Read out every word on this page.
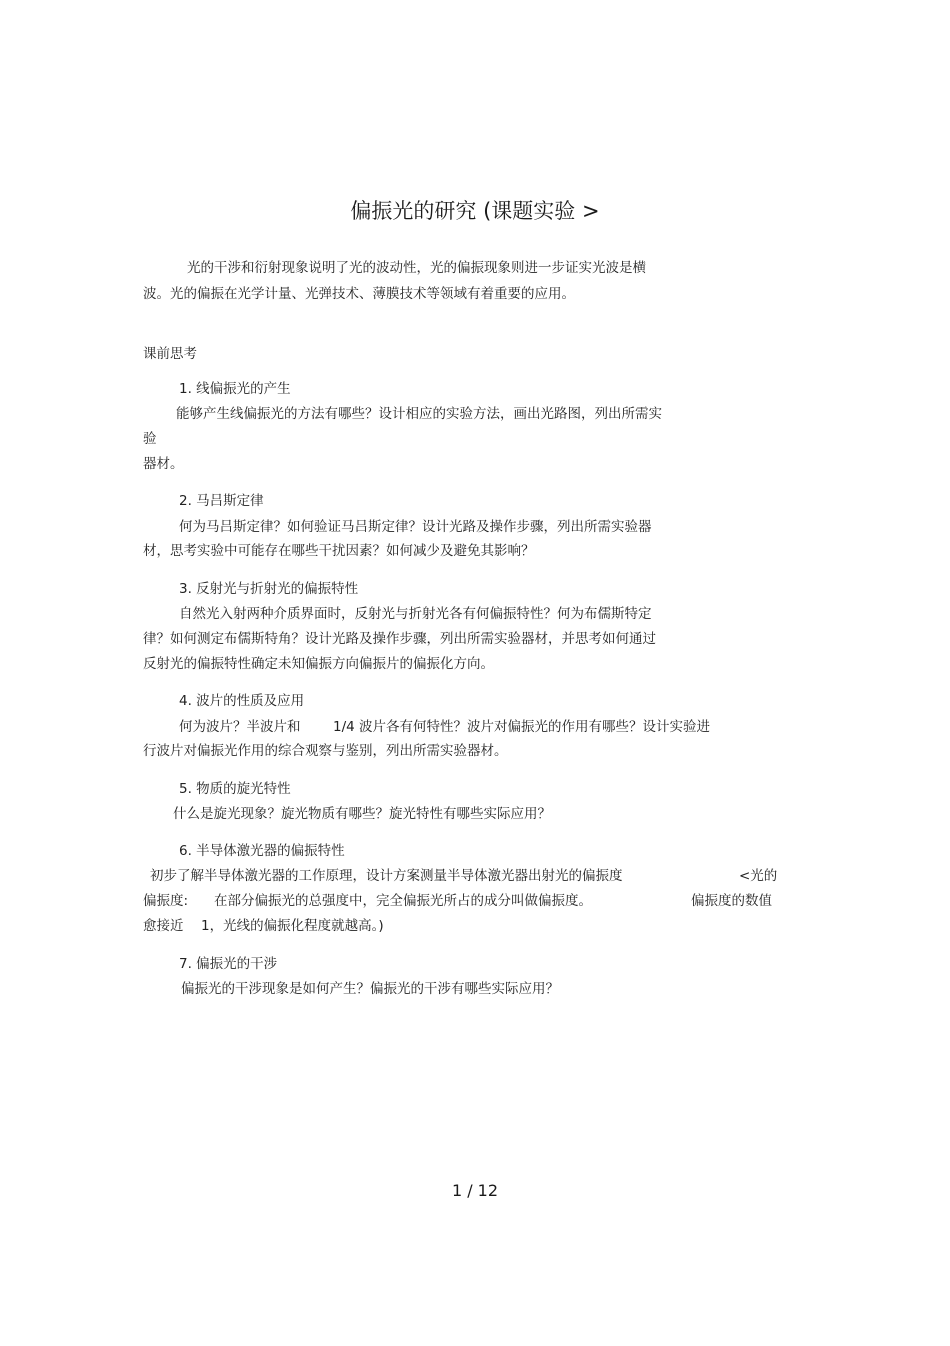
偏振光的研究 (课题实验 >
光的干涉和衍射现象说明了光的波动性，光的偏振现象则进一步证实光波是横
波。光的偏振在光学计量、光弹技术、薄膜技术等领域有着重要的应用。
课前思考
1. 线偏振光的产生
能够产生线偏振光的方法有哪些？设计相应的实验方法，画出光路图，列出所需实
验
器材。
2. 马吕斯定律
何为马吕斯定律？如何验证马吕斯定律？设计光路及操作步骤，列出所需实验器
材，思考实验中可能存在哪些干扰因素？如何减少及避免其影响？
3. 反射光与折射光的偏振特性
自然光入射两种介质界面时，反射光与折射光各有何偏振特性？何为布儒斯特定
律？如何测定布儒斯特角？设计光路及操作步骤，列出所需实验器材，并思考如何通过
反射光的偏振特性确定未知偏振方向偏振片的偏振化方向。
4. 波片的性质及应用
何为波片？半波片和 1/4 波片各有何特性？波片对偏振光的作用有哪些？设计实验进
行波片对偏振光作用的综合观察与鉴别，列出所需实验器材。
5. 物质的旋光特性
什么是旋光现象？旋光物质有哪些？旋光特性有哪些实际应用？
6. 半导体激光器的偏振特性
初步了解半导体激光器的工作原理，设计方案测量半导体激光器出射光的偏振度	<光的
偏振度: 在部分偏振光的总强度中，完全偏振光所占的成分叫做偏振度。	偏振度的数值
愈接近 1，光线的偏振化程度就越高。)
7. 偏振光的干涉
偏振光的干涉现象是如何产生？偏振光的干涉有哪些实际应用？
1 / 12
